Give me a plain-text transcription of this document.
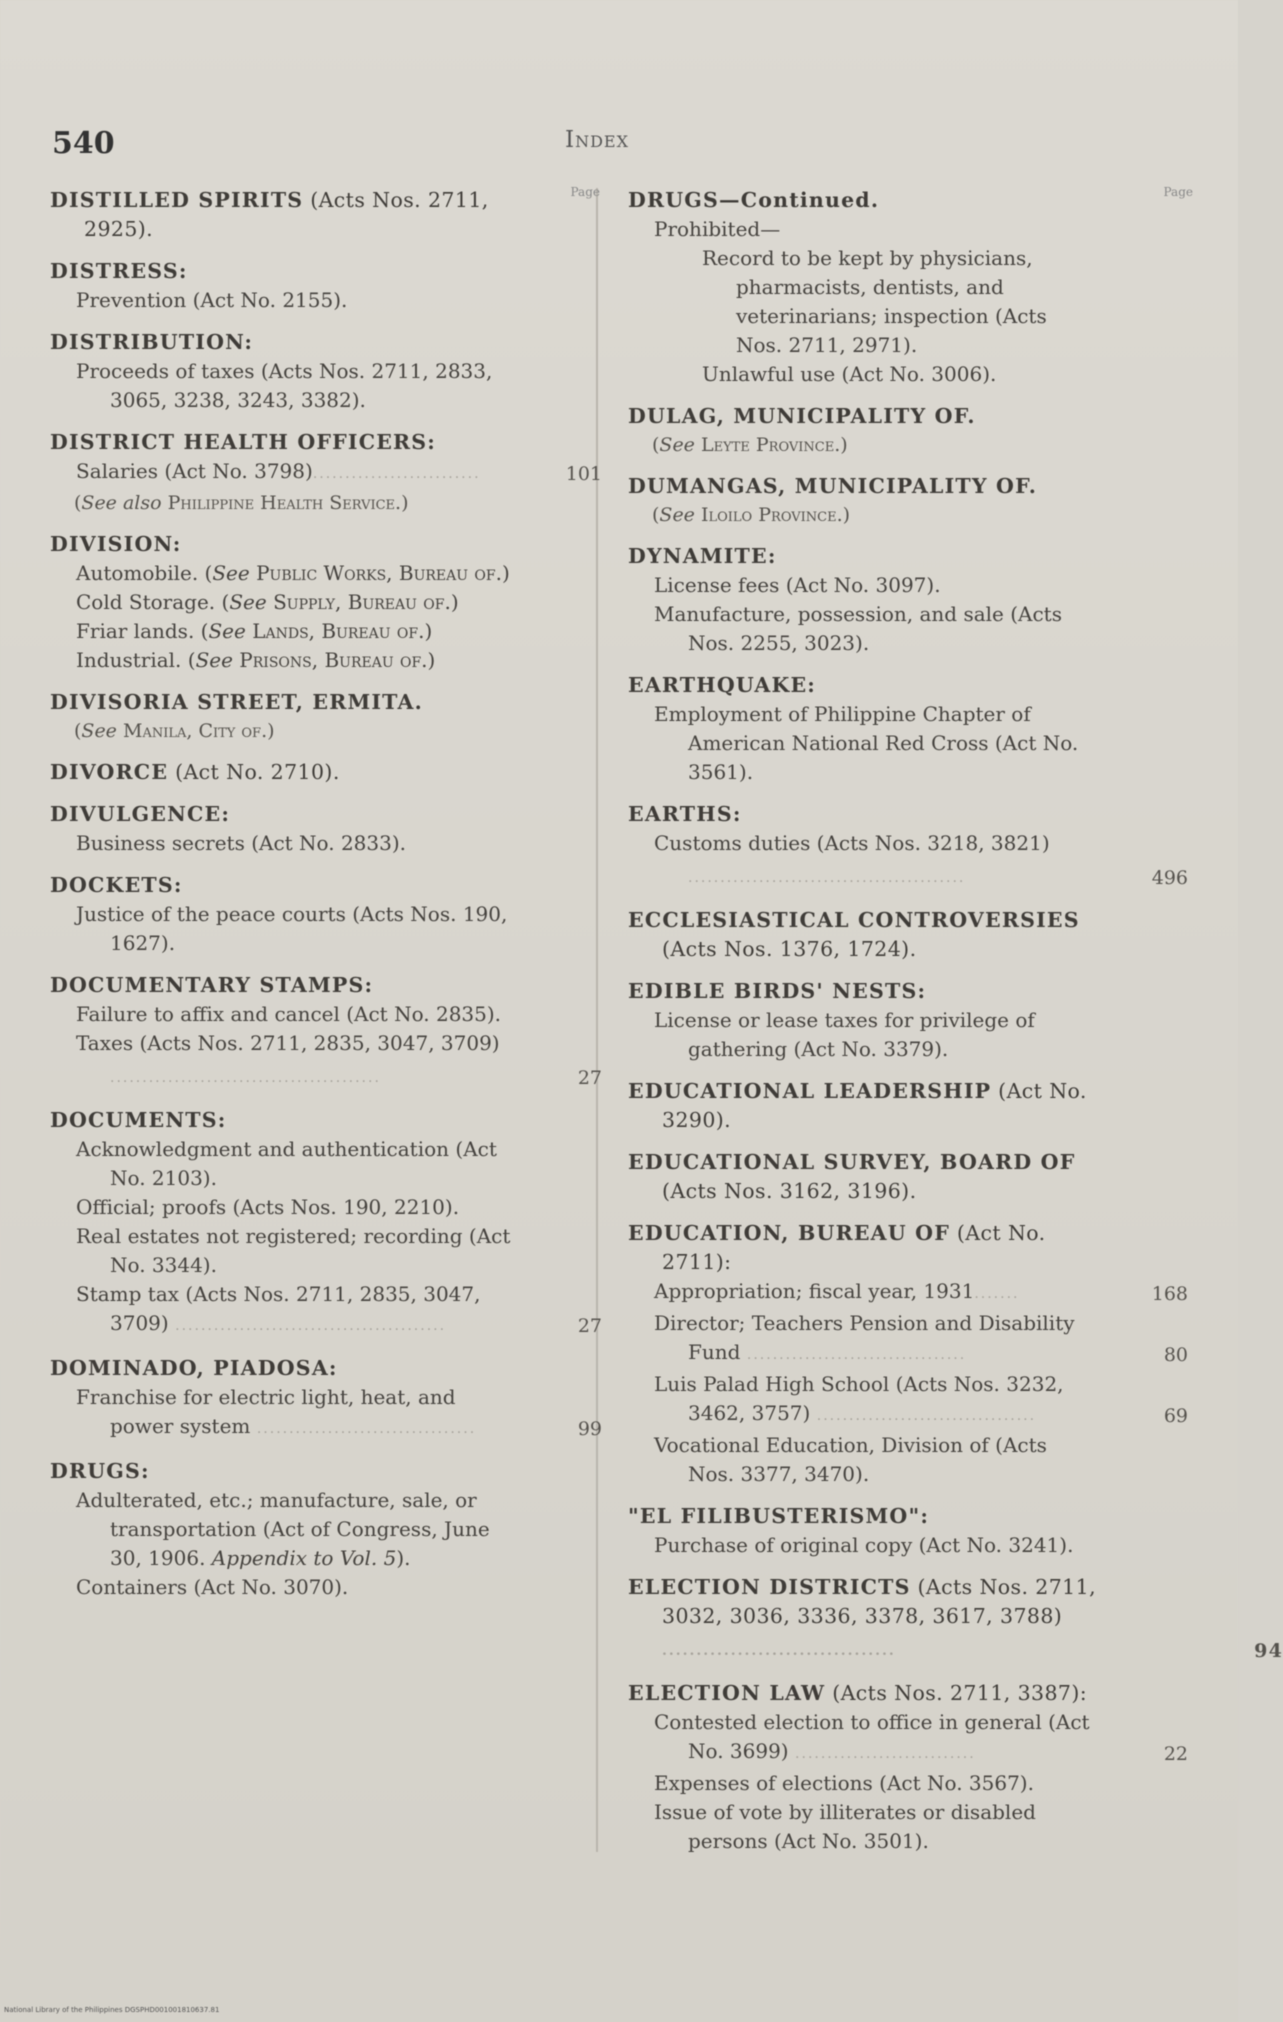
540	Index
Page
DISTILLED SPIRITS (Acts Nos. 2711, 2925).
DISTRESS:
Prevention (Act No. 2155).
DISTRIBUTION:
Proceeds of taxes (Acts Nos. 2711, 2833, 3065, 3238, 3243, 3382).
DISTRICT HEALTH OFFICERS:
Salaries (Act No. 3798)..........................	101
(See also Philippine Health Service.)
DIVISION:
Automobile. (See Public Works, Bureau of.)
Cold Storage. (See Supply, Bureau of.)
Friar lands. (See Lands, Bureau of.)
Industrial. (See Prisons, Bureau of.)
DIVISORIA STREET, ERMITA.
(See Manila, City of.)
DIVORCE (Act No. 2710).
DIVULGENCE:
Business secrets (Act No. 2833).
DOCKETS:
Justice of the peace courts (Acts Nos. 190, 1627).
DOCUMENTARY STAMPS:
Failure to affix and cancel (Act No. 2835).
Taxes (Acts Nos. 2711, 2835, 3047, 3709) ..........................................	27
DOCUMENTS:
Acknowledgment and authentication (Act No. 2103).
Official; proofs (Acts Nos. 190, 2210).
Real estates not registered; recording (Act No. 3344).
Stamp tax (Acts Nos. 2711, 2835, 3047, 3709) ..........................................	27
DOMINADO, PIADOSA:
Franchise for electric light, heat, and power system ..................................	99
DRUGS:
Adulterated, etc.; manufacture, sale, or transportation (Act of Congress, June 30, 1906. Appendix to Vol. 5).
Containers (Act No. 3070).
Page
DRUGS—Continued.
Prohibited—
Record to be kept by physicians, pharmacists, dentists, and veterinarians; inspection (Acts Nos. 2711, 2971).
Unlawful use (Act No. 3006).
DULAG, MUNICIPALITY OF.
(See Leyte Province.)
DUMANGAS, MUNICIPALITY OF.
(See Iloilo Province.)
DYNAMITE:
License fees (Act No. 3097).
Manufacture, possession, and sale (Acts Nos. 2255, 3023).
EARTHQUAKE:
Employment of Philippine Chapter of American National Red Cross (Act No. 3561).
EARTHS:
Customs duties (Acts Nos. 3218, 3821) ...........................................	496
ECCLESIASTICAL CONTROVERSIES (Acts Nos. 1376, 1724).
EDIBLE BIRDS' NESTS:
License or lease taxes for privilege of gathering (Act No. 3379).
EDUCATIONAL LEADERSHIP (Act No. 3290).
EDUCATIONAL SURVEY, BOARD OF (Acts Nos. 3162, 3196).
EDUCATION, BUREAU OF (Act No. 2711):
Appropriation; fiscal year, 1931.......	168
Director; Teachers Pension and Disability Fund ..................................	80
Luis Palad High School (Acts Nos. 3232, 3462, 3757) ..................................	69
Vocational Education, Division of (Acts Nos. 3377, 3470).
"EL FILIBUSTERISMO":
Purchase of original copy (Act No. 3241).
ELECTION DISTRICTS (Acts Nos. 2711, 3032, 3036, 3336, 3378, 3617, 3788) ..................................	94
ELECTION LAW (Acts Nos. 2711, 3387):
Contested election to office in general (Act No. 3699) ............................	22
Expenses of elections (Act No. 3567).
Issue of vote by illiterates or disabled persons (Act No. 3501).
National Library of the Philippines DGSPHD001001810637.81
